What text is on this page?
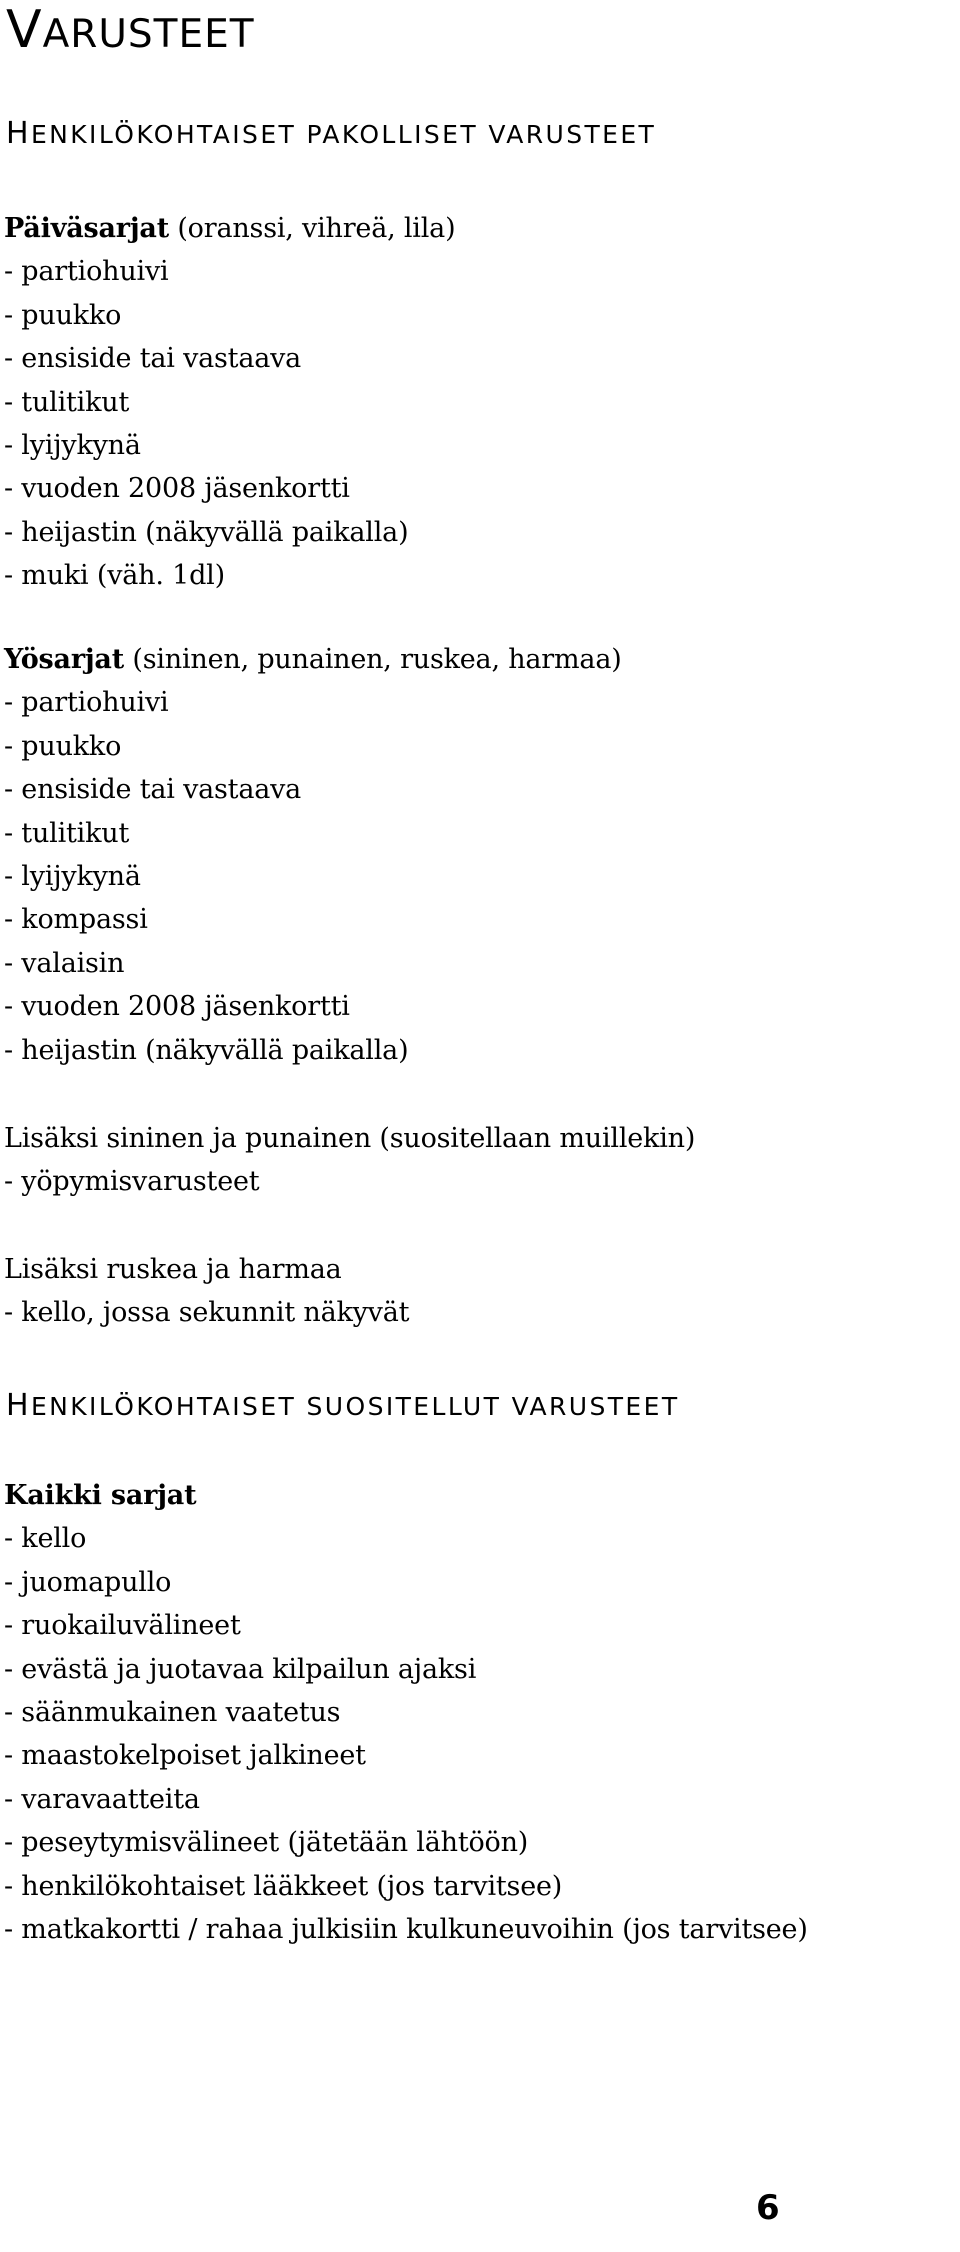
VARUSTEET
HENKILÖKOHTAISET PAKOLLISET VARUSTEET
Päiväsarjat (oranssi, vihreä, lila)
- partiohuivi
- puukko
- ensiside tai vastaava
- tulitikut
- lyijykynä
- vuoden 2008 jäsenkortti
- heijastin (näkyvällä paikalla)
- muki (väh. 1dl)
Yösarjat (sininen, punainen, ruskea, harmaa)
- partiohuivi
- puukko
- ensiside tai vastaava
- tulitikut
- lyijykynä
- kompassi
- valaisin
- vuoden 2008 jäsenkortti
- heijastin (näkyvällä paikalla)
Lisäksi sininen ja punainen (suositellaan muillekin)
- yöpymisvarusteet
Lisäksi ruskea ja harmaa
- kello, jossa sekunnit näkyvät
HENKILÖKOHTAISET SUOSITELLUT VARUSTEET
Kaikki sarjat
- kello
- juomapullo
- ruokailuvälineet
- evästä ja juotavaa kilpailun ajaksi
- säänmukainen vaatetus
- maastokelpoiset jalkineet
- varavaatteita
- peseytymisvälineet (jätetään lähtöön)
- henkilökohtaiset lääkkeet (jos tarvitsee)
- matkakortti / rahaa julkisiin kulkuneuvoihin (jos tarvitsee)
6
